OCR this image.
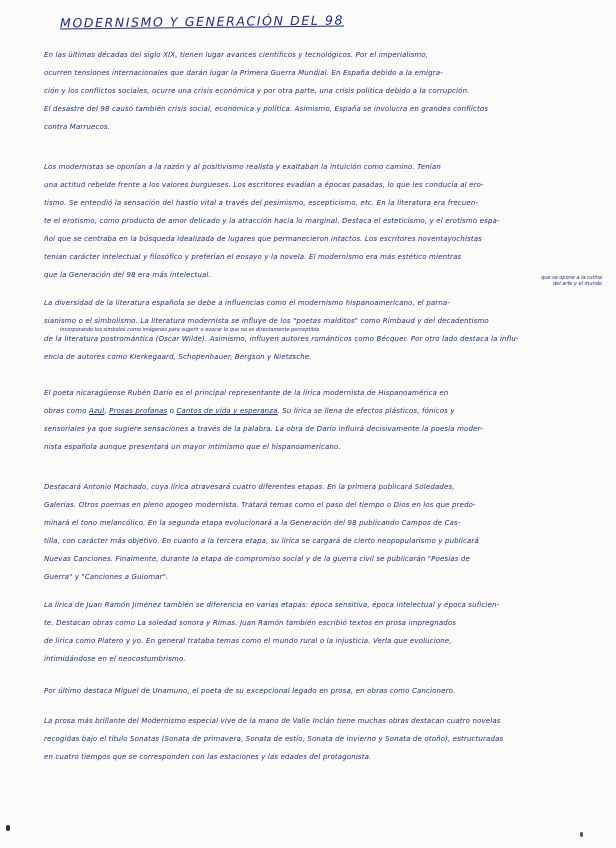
MODERNISMO Y GENERACIÓN DEL 98
En las últimas décadas del siglo XIX, tienen lugar avances científicos y tecnológicos. Por el imperialismo,
ocurren tensiones internacionales que darán lugar la Primera Guerra Mundial. En España debido a la emigra-
ción y los conflictos sociales, ocurre una crisis económica y por otra parte, una crisis política debido a la corrupción.
El desastre del 98 causó también crisis social, económica y política. Asimismo, España se involucra en grandes conflictos
contra Marruecos.
Los modernistas se oponían a la razón y al positivismo realista y exaltaban la intuición como camino. Tenían
una actitud rebelde frente a los valores burgueses. Los escritores evadían a épocas pasadas, lo que les conducía al ero-
tismo. Se entendió la sensación del hastío vital a través del pesimismo, escepticismo, etc. En la literatura era frecuen-
te el erotismo, como producto de amor delicado y la atracción hacia lo marginal. Destaca el esteticismo, y el erotismo espa-
ñol que se centraba en la búsqueda idealizada de lugares que permanecieron intactos. Los escritores noventayochistas
tenían carácter intelectual y filosófico y preferían el ensayo y la novela. El modernismo era más estético mientras
que la Generación del 98 era más intelectual.	que se opone a la rutina
del arte y el mundo
La diversidad de la literatura española se debe a influencias como el modernismo hispanoamericano, el parna-
sianismo o el simbolismo. La literatura modernista se influye de los "poetas malditos" como Rimbaud y del decadentismo
incorporando los símbolos como imágenes para sugerir o evocar lo que no es directamente perceptible
de la literatura postromántica (Oscar Wilde). Asimismo, influyen autores románticos como Bécquer. Por otro lado destaca la influ-
encia de autores como Kierkegaard, Schopenhauer, Bergson y Nietzsche.
El poeta nicaragüense Rubén Darío es el principal representante de la lírica modernista de Hispanoamérica en
obras como Azul, Prosas profanas o Cantos de vida y esperanza. Su lírica se llena de efectos plásticos, fónicos y
sensoriales ya que sugiere sensaciones a través de la palabra. La obra de Darío influirá decisivamente la poesía moder-
nista española aunque presentará un mayor intimismo que el hispanoamericano.
Destacará Antonio Machado, cuya lírica atravesará cuatro diferentes etapas. En la primera publicará Soledades,
Galerías. Otros poemas en pleno apogeo modernista. Tratará temas como el paso del tiempo o Dios en los que predo-
minará el tono melancólico. En la segunda etapa evolucionará a la Generación del 98 publicando Campos de Cas-
tilla, con carácter más objetivo. En cuanto a la tercera etapa, su lírica se cargará de cierto neopopularismo y publicará
Nuevas Canciones. Finalmente, durante la etapa de compromiso social y de la guerra civil se publicarán "Poesías de
Guerra" y "Canciones a Guiomar".
La lírica de Juan Ramón Jiménez también se diferencia en varias etapas: época sensitiva, época intelectual y época suficien-
te. Destacan obras como La soledad sonora y Rimas. Juan Ramón también escribió textos en prosa impregnados
de lírica como Platero y yo. En general trataba temas como el mundo rural o la injusticia. Verla que evolucione,
intimidándose en el neocostumbrismo.
Por último destaca Miguel de Unamuno, el poeta de su excepcional legado en prosa, en obras como Cancionero.
La prosa más brillante del Modernismo especial vive de la mano de Valle Inclán tiene muchas obras destacan cuatro novelas
recogidas bajo el título Sonatas (Sonata de primavera, Sonata de estío, Sonata de invierno y Sonata de otoño), estructuradas
en cuatro tiempos que se corresponden con las estaciones y las edades del protagonista.
